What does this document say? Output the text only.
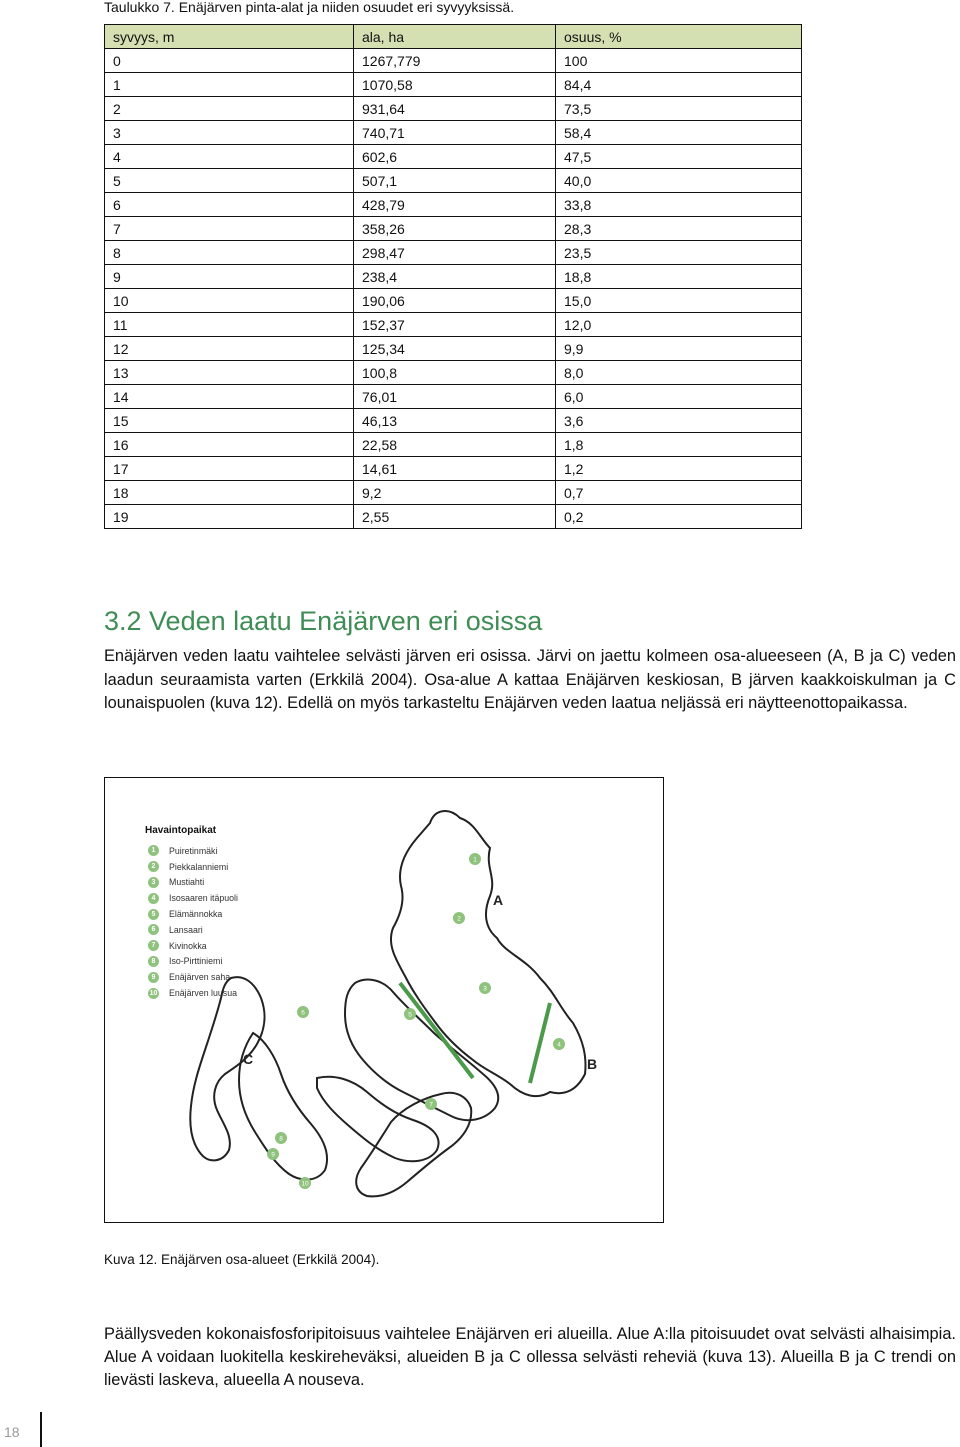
Taulukko 7. Enäjärven pinta-alat ja niiden osuudet eri syvyyksissä.
syvyys, m	ala, ha	osuus, %
0	1267,779	100
1	1070,58	84,4
2	931,64	73,5
3	740,71	58,4
4	602,6	47,5
5	507,1	40,0
6	428,79	33,8
7	358,26	28,3
8	298,47	23,5
9	238,4	18,8
10	190,06	15,0
11	152,37	12,0
12	125,34	9,9
13	100,8	8,0
14	76,01	6,0
15	46,13	3,6
16	22,58	1,8
17	14,61	1,2
18	9,2	0,7
19	2,55	0,2
3.2 Veden laatu Enäjärven eri osissa
Enäjärven veden laatu vaihtelee selvästi järven eri osissa. Järvi on jaettu kolmeen osa-alueeseen (A, B ja C) veden laadun seuraamista varten (Erkkilä 2004). Osa-alue A kattaa Enäjärven keskiosan, B järven kaakkoiskulman ja C lounaispuolen (kuva 12). Edellä on myös tarkasteltu Enäjärven veden laatua neljässä eri näytteenottopaikassa.
Havaintopaikat
1	Puiretinmäki
2	Piekkalanniemi
3	Mustiahti
4	Isosaaren itäpuoli
5	Elämännokka
6	Lansaari
7	Kivinokka
8	Iso-Pirttiniemi
9	Enäjärven saha
10 Enäjärven luusua
A
B
C
1
2
3
4
5
6
7
8
9
10
Kuva 12. Enäjärven osa-alueet (Erkkilä 2004).
Päällysveden kokonaisfosforipitoisuus vaihtelee Enäjärven eri alueilla. Alue A:lla pitoisuudet ovat selvästi alhaisimpia. Alue A voidaan luokitella keskireheväksi, alueiden B ja C ollessa selvästi reheviä (kuva 13). Alueilla B ja C trendi on lievästi laskeva, alueella A nouseva.
18
